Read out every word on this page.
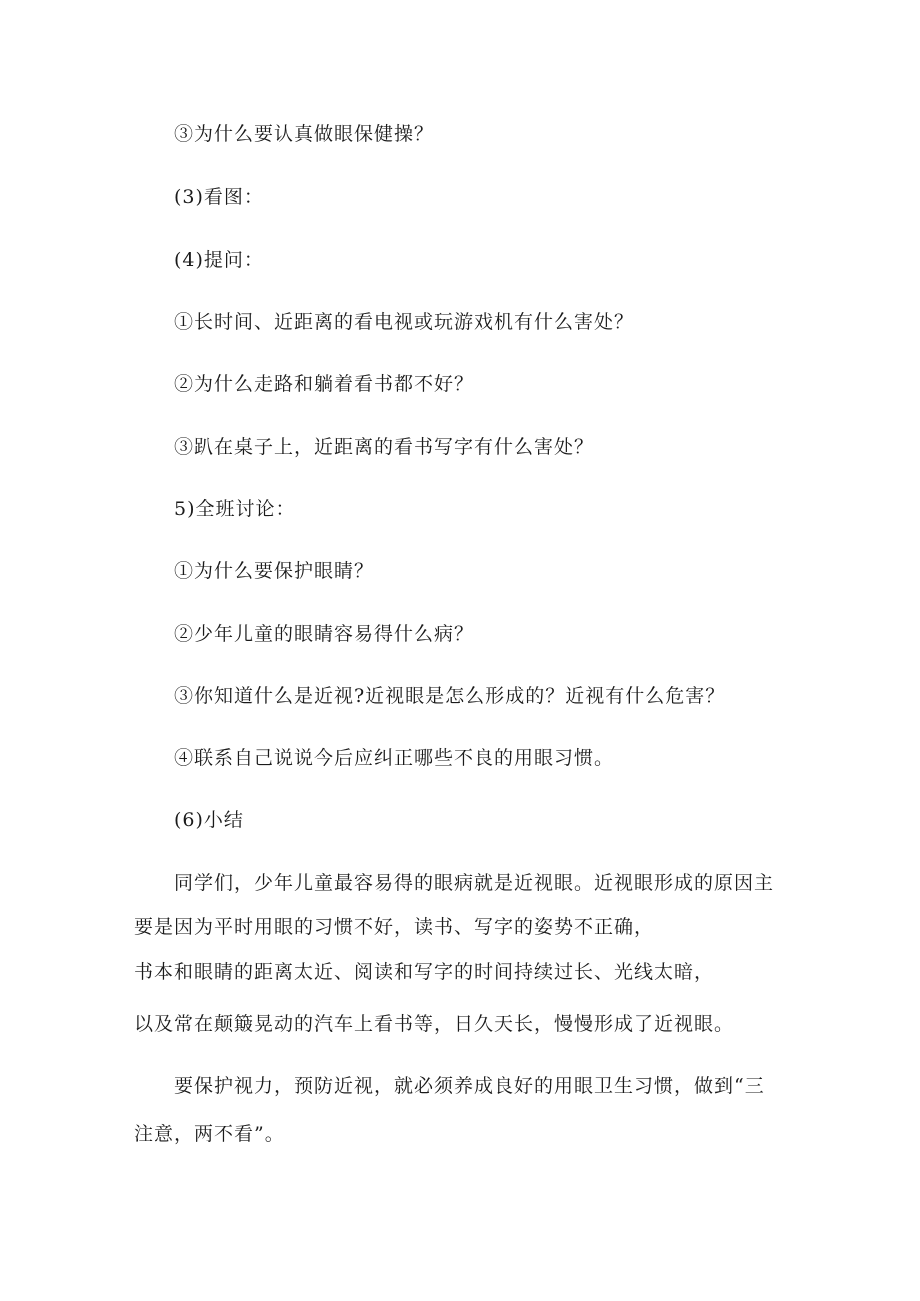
③为什么要认真做眼保健操？
(3)看图：
(4)提问：
①长时间、近距离的看电视或玩游戏机有什么害处？
②为什么走路和躺着看书都不好？
③趴在桌子上，近距离的看书写字有什么害处？
5)全班讨论：
①为什么要保护眼睛？
②少年儿童的眼睛容易得什么病？
③你知道什么是近视?近视眼是怎么形成的？近视有什么危害？
④联系自己说说今后应纠正哪些不良的用眼习惯。
(6)小结
同学们，少年儿童最容易得的眼病就是近视眼。近视眼形成的原因主
要是因为平时用眼的习惯不好，读书、写字的姿势不正确，
书本和眼睛的距离太近、阅读和写字的时间持续过长、光线太暗，
以及常在颠簸晃动的汽车上看书等，日久天长，慢慢形成了近视眼。
要保护视力，预防近视，就必须养成良好的用眼卫生习惯，做到“三
注意，两不看”。
